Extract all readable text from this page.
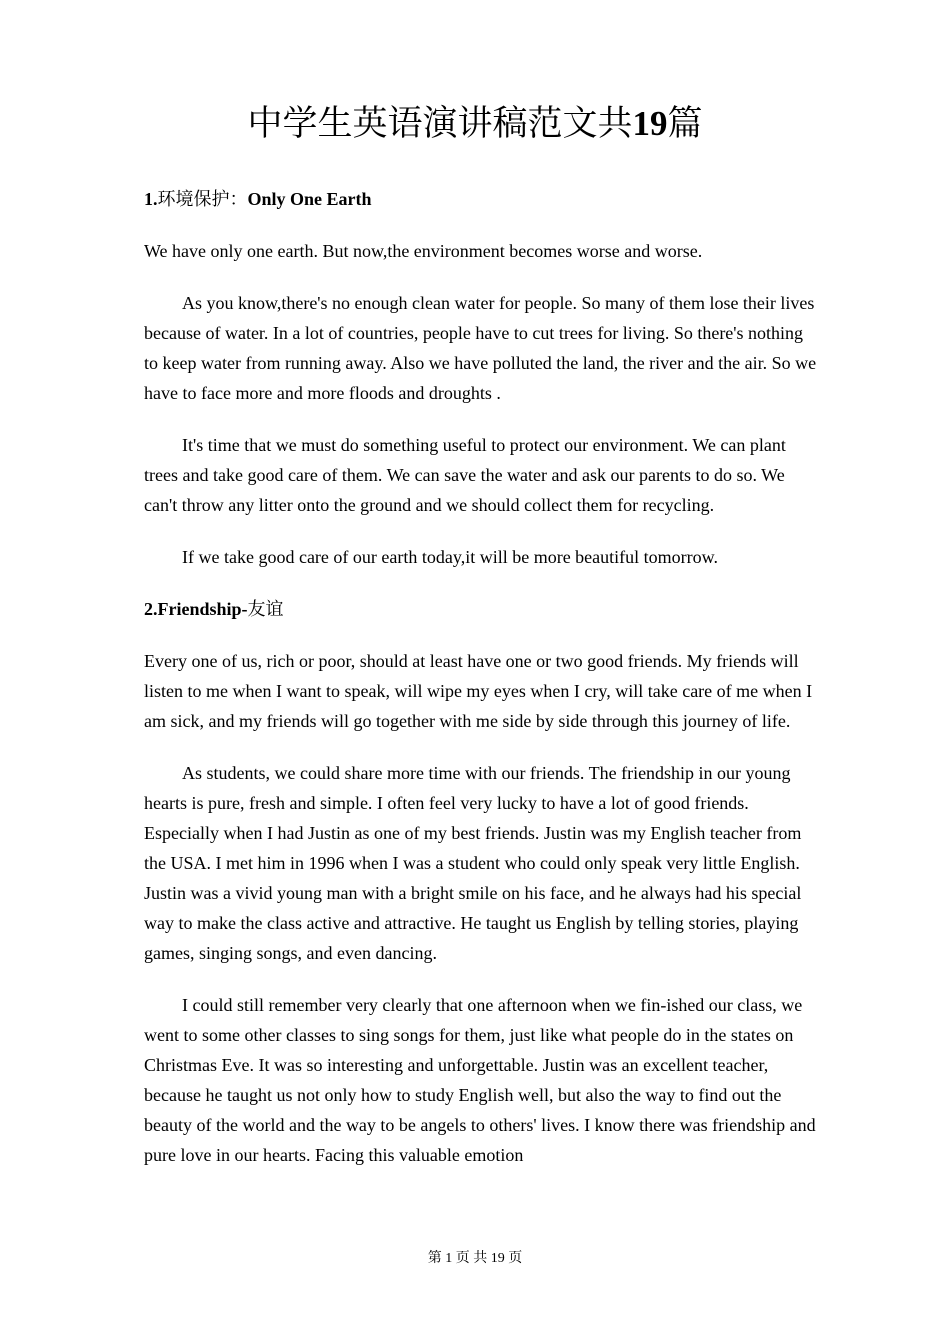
中学生英语演讲稿范文共19篇
1.环境保护：Only One Earth

We have only one earth. But now,the environment becomes worse and worse.

As you know,there's no enough clean water for people. So many of them lose their lives because of water. In a lot of countries, people have to cut trees for living. So there's nothing to keep water from running away. Also we have polluted the land, the river and the air. So we have to face more and more floods and droughts .

It's time that we must do something useful to protect our environment. We can plant trees and take good care of them. We can save the water and ask our parents to do so. We can't throw any litter onto the ground and we should collect them for recycling.

If we take good care of our earth today,it will be more beautiful tomorrow.

2.Friendship-友谊

Every one of us, rich or poor, should at least have one or two good friends. My friends will listen to me when I want to speak, will wipe my eyes when I cry, will take care of me when I am sick, and my friends will go together with me side by side through this journey of life.

As students, we could share more time with our friends. The friendship in our young hearts is pure, fresh and simple. I often feel very lucky to have a lot of good friends. Especially when I had Justin as one of my best friends. Justin was my English teacher from the USA. I met him in 1996 when I was a student who could only speak very little English. Justin was a vivid young man with a bright smile on his face, and he always had his special way to make the class active and attractive. He taught us English by telling stories, playing games, singing songs, and even dancing.

I could still remember very clearly that one afternoon when we fin-ished our class, we went to some other classes to sing songs for them, just like what people do in the states on Christmas Eve. It was so interesting and unforgettable. Justin was an excellent teacher, because he taught us not only how to study English well, but also the way to find out the beauty of the world and the way to be angels to others' lives. I know there was friendship and pure love in our hearts. Facing this valuable emotion

第 1 页 共 19 页
